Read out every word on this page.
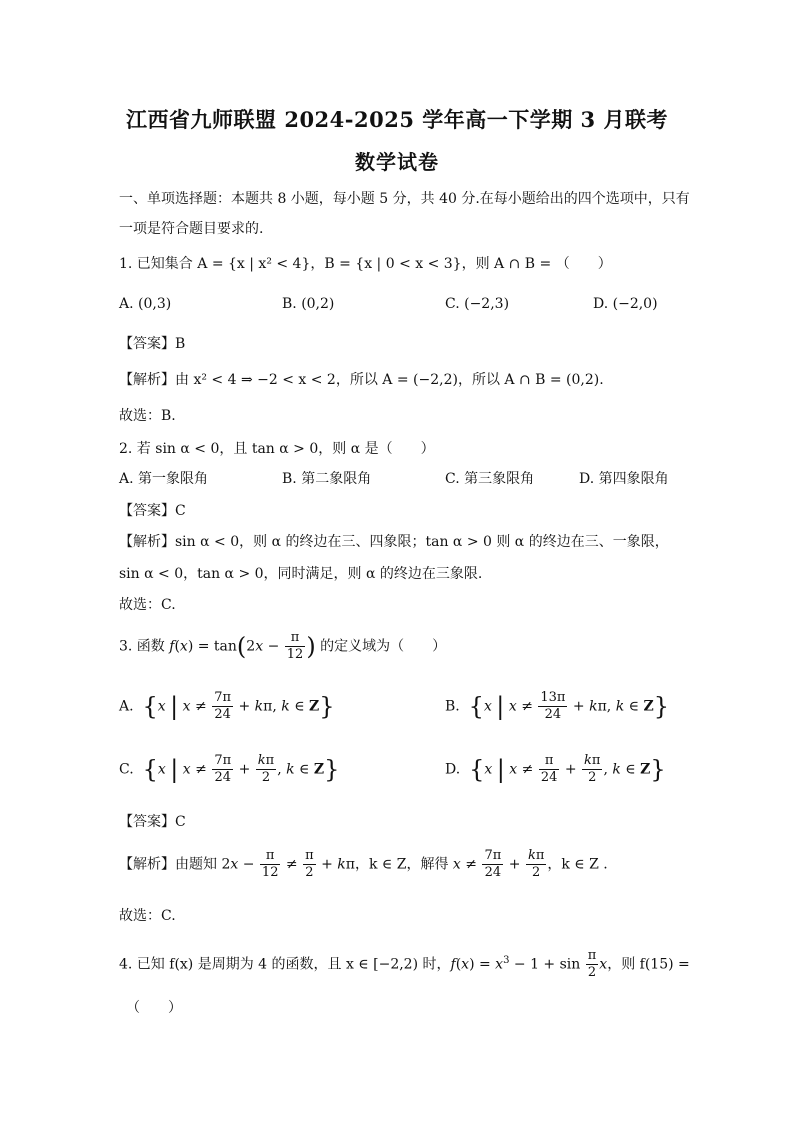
江西省九师联盟 2024-2025 学年高一下学期 3 月联考
数学试卷
一、单项选择题：本题共 8 小题，每小题 5 分，共 40 分.在每小题给出的四个选项中，只有
一项是符合题目要求的.
1. 已知集合 A = {x | x² < 4}，B = {x | 0 < x < 3}，则 A ∩ B = （　　）
A. (0,3)	B. (0,2)	C. (−2,3)	D. (−2,0)
【答案】B
【解析】由 x² < 4 ⇒ −2 < x < 2，所以 A = (−2,2)，所以 A ∩ B = (0,2).
故选：B.
2. 若 sin α < 0，且 tan α > 0，则 α 是（　　）
A. 第一象限角	B. 第二象限角	C. 第三象限角	D. 第四象限角
【答案】C
【解析】sin α < 0，则 α 的终边在三、四象限；tan α > 0 则 α 的终边在三、一象限，
sin α < 0，tan α > 0，同时满足，则 α 的终边在三象限.
故选：C.
3. 函数 $f(x) = \tan(2x - \frac{\pi}{12}$ ) 的定义域为（　　）
A. {x | $x \ne \frac{7\pi}{24} + k\pi$, k ∈ Z}	B. {x | $x \ne \frac{13\pi}{24} + k\pi$, k ∈ Z}
C. {x | $x \ne \frac{7\pi}{24} + \frac{k\pi}{2}$ , k ∈ Z}	D. {x | $x \ne \frac{\pi}{24} + \frac{k\pi}{2}$ , k ∈ Z}
【答案】C
【解析】由题知 $2x - \frac{\pi}{12} \ne \frac{\pi}{2} + k\pi$，k ∈ Z，解得 $x \ne \frac{7\pi}{24} + \frac{k\pi}{2}$ ，k ∈ Z .
故选：C.
4. 已知 f(x) 是周期为 4 的函数，且 x ∈ [−2,2) 时，$f(x) = x^3 - 1 + \sin \frac{\pi}{2}$ x，则 f(15) =
（　　）
